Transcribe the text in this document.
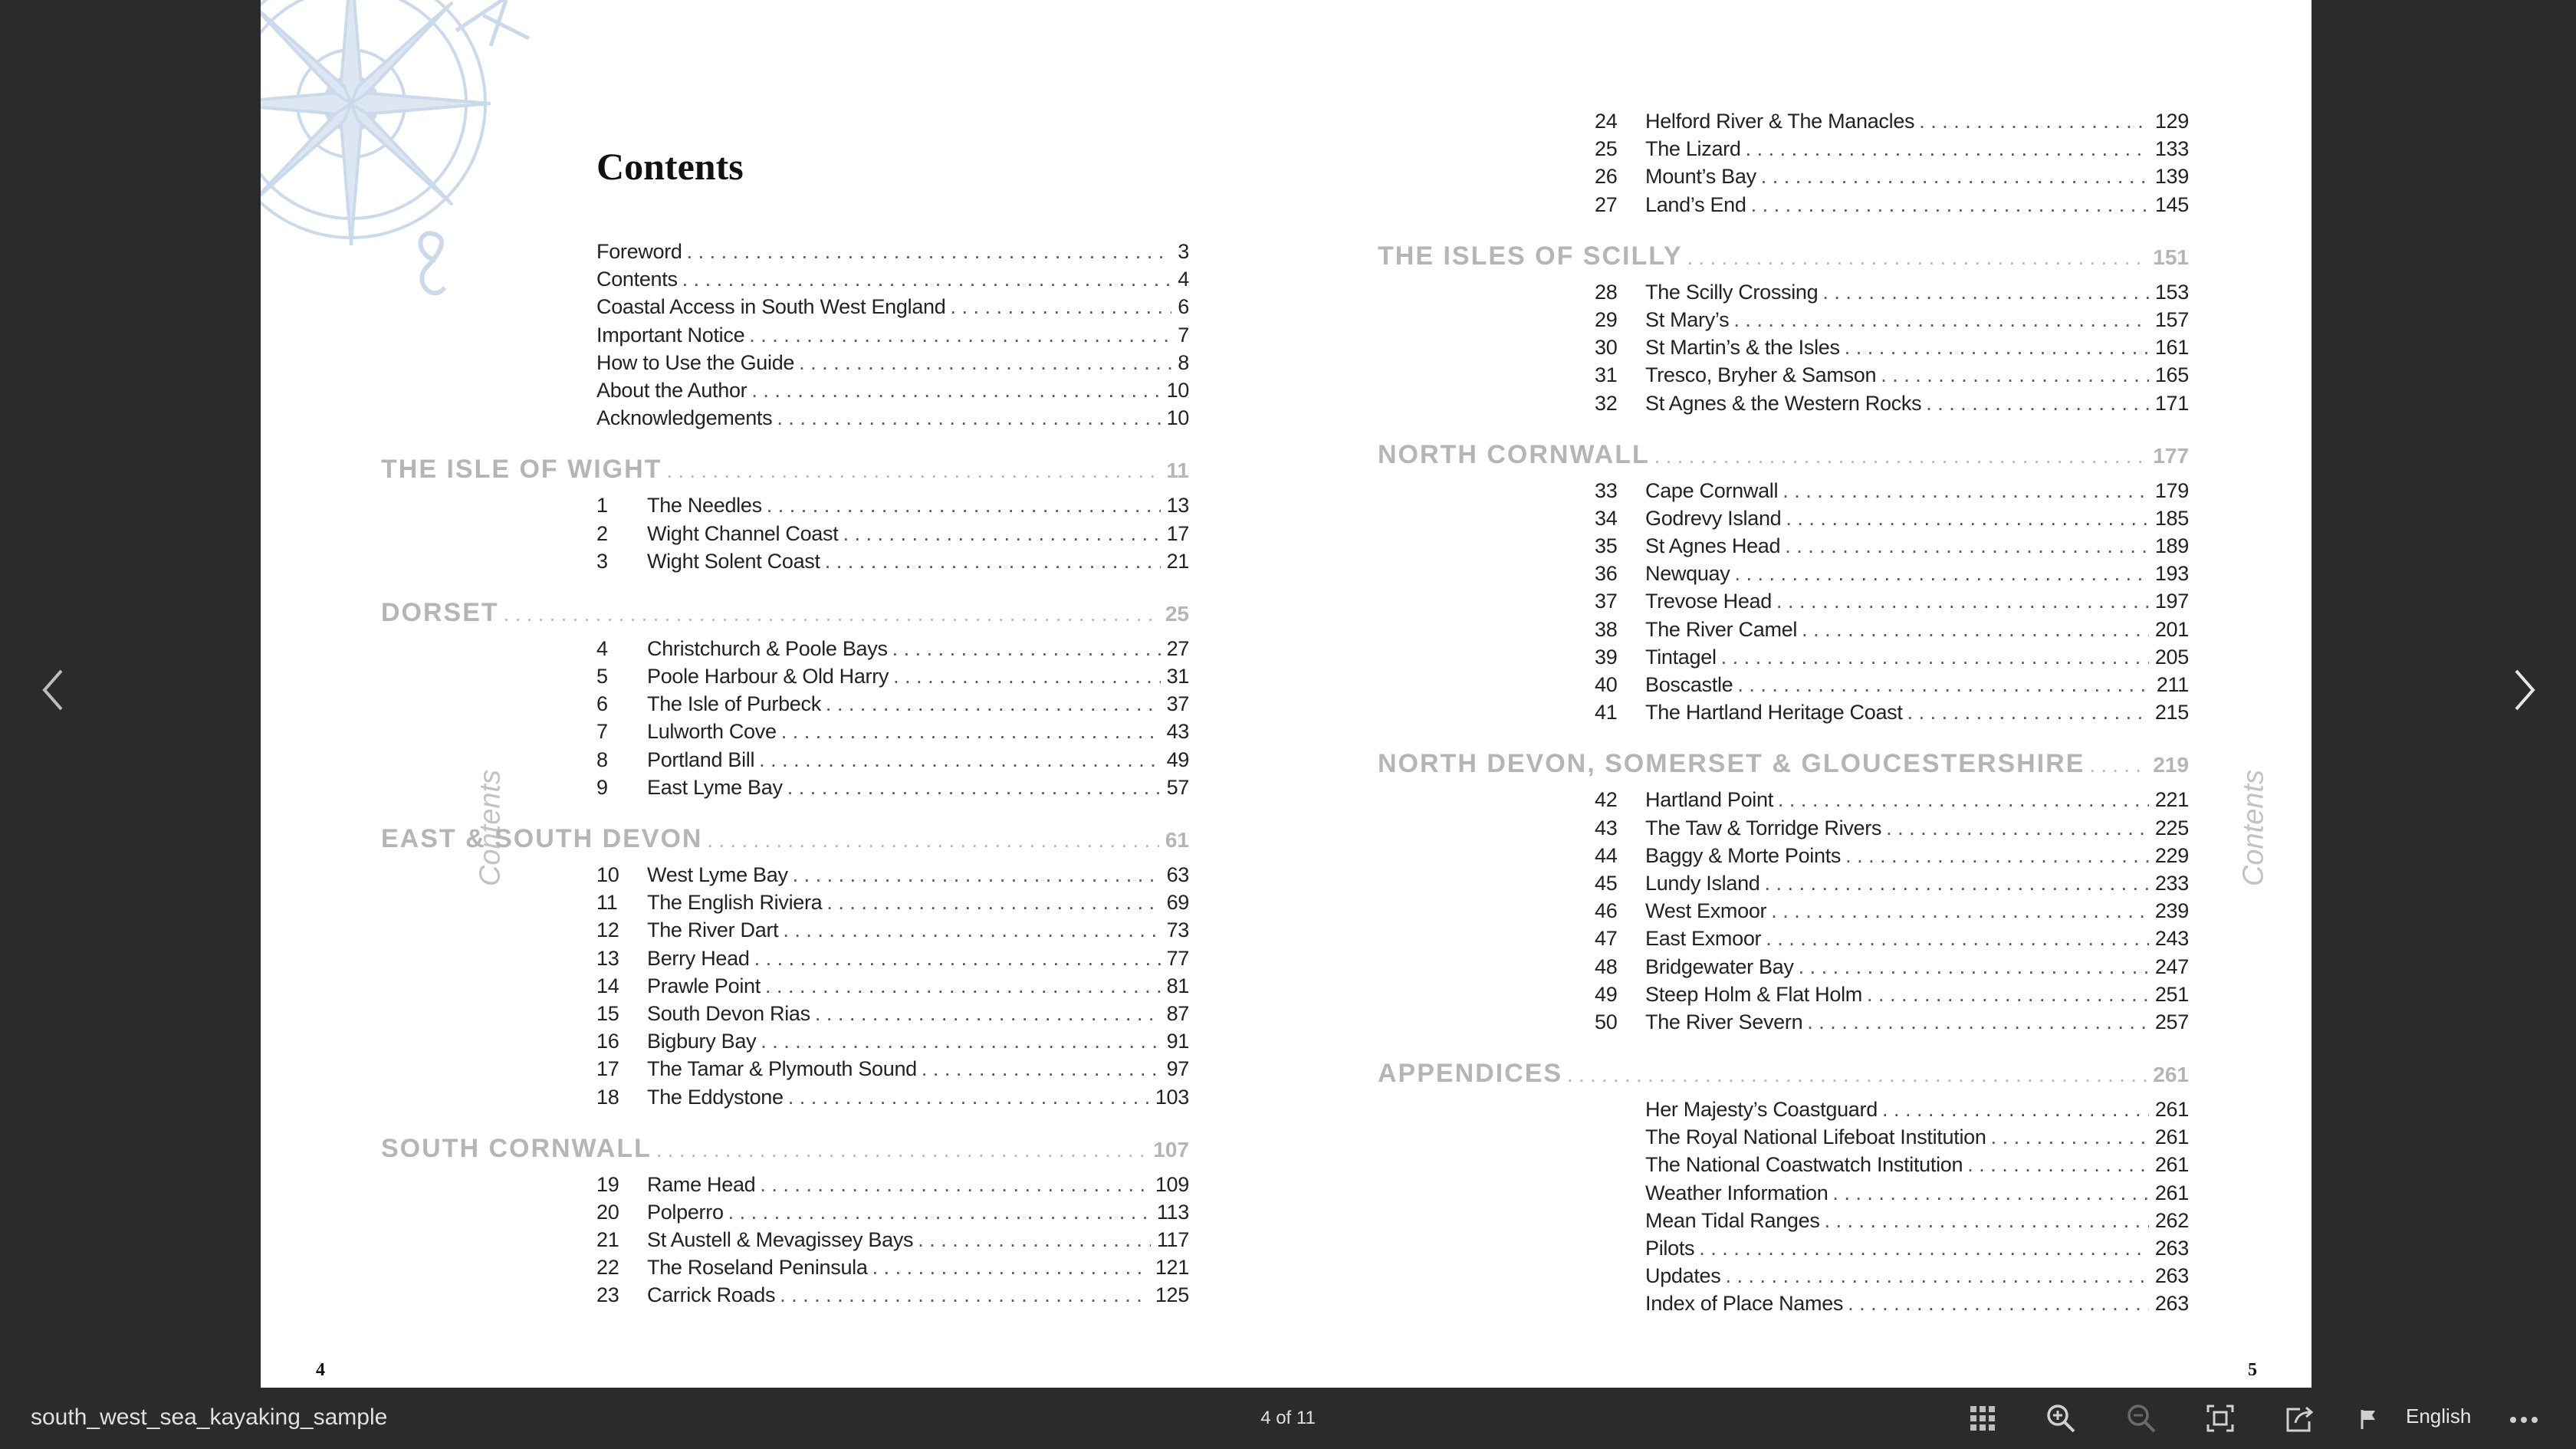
Contents
Contents	Contents
4	5
Foreword . . .	3
Contents . . .	4
Coastal Access in South West England . . .	6
Important Notice . . .	7
How to Use the Guide . . .	8
About the Author . . .	10
Acknowledgements . . .	10
THE ISLE OF WIGHT . . .	11
1	The Needles . . .	13
2	Wight Channel Coast . . .	17
3	Wight Solent Coast . . .	21
DORSET . . .	25
4	Christchurch & Poole Bays . . .	27
5	Poole Harbour & Old Harry . . .	31
6	The Isle of Purbeck . . .	37
7	Lulworth Cove . . .	43
8	Portland Bill . . .	49
9	East Lyme Bay . . .	57
EAST & SOUTH DEVON . . .	61
10	West Lyme Bay . . .	63
11	The English Riviera . . .	69
12	The River Dart . . .	73
13	Berry Head . . .	77
14	Prawle Point . . .	81
15	South Devon Rias . . .	87
16	Bigbury Bay . . .	91
17	The Tamar & Plymouth Sound . . .	97
18	The Eddystone . . .	103
SOUTH CORNWALL . . .	107
19	Rame Head . . .	109
20	Polperro . . .	113
21	St Austell & Mevagissey Bays . . .	117
22	The Roseland Peninsula . . .	121
23	Carrick Roads . . .	125
24	Helford River & The Manacles . . .	129
25	The Lizard . . .	133
26	Mount’s Bay . . .	139
27	Land’s End . . .	145
THE ISLES OF SCILLY . . .	151
28	The Scilly Crossing . . .	153
29	St Mary’s . . .	157
30	St Martin’s & the Isles . . .	161
31	Tresco, Bryher & Samson . . .	165
32	St Agnes & the Western Rocks . . .	171
NORTH CORNWALL . . .	177
33	Cape Cornwall . . .	179
34	Godrevy Island . . .	185
35	St Agnes Head . . .	189
36	Newquay . . .	193
37	Trevose Head . . .	197
38	The River Camel . . .	201
39	Tintagel . . .	205
40	Boscastle . . .	211
41	The Hartland Heritage Coast . . .	215
NORTH DEVON, SOMERSET & GLOUCESTERSHIRE . . .	219
42	Hartland Point . . .	221
43	The Taw & Torridge Rivers . . .	225
44	Baggy & Morte Points . . .	229
45	Lundy Island . . .	233
46	West Exmoor . . .	239
47	East Exmoor . . .	243
48	Bridgewater Bay . . .	247
49	Steep Holm & Flat Holm . . .	251
50	The River Severn . . .	257
APPENDICES . . .	261
Her Majesty’s Coastguard . . .	261
The Royal National Lifeboat Institution . . .	261
The National Coastwatch Institution . . .	261
Weather Information . . .	261
Mean Tidal Ranges . . .	262
Pilots . . .	263
Updates . . .	263
Index of Place Names . . .	263
south_west_sea_kayaking_sample	4 of 11	English
